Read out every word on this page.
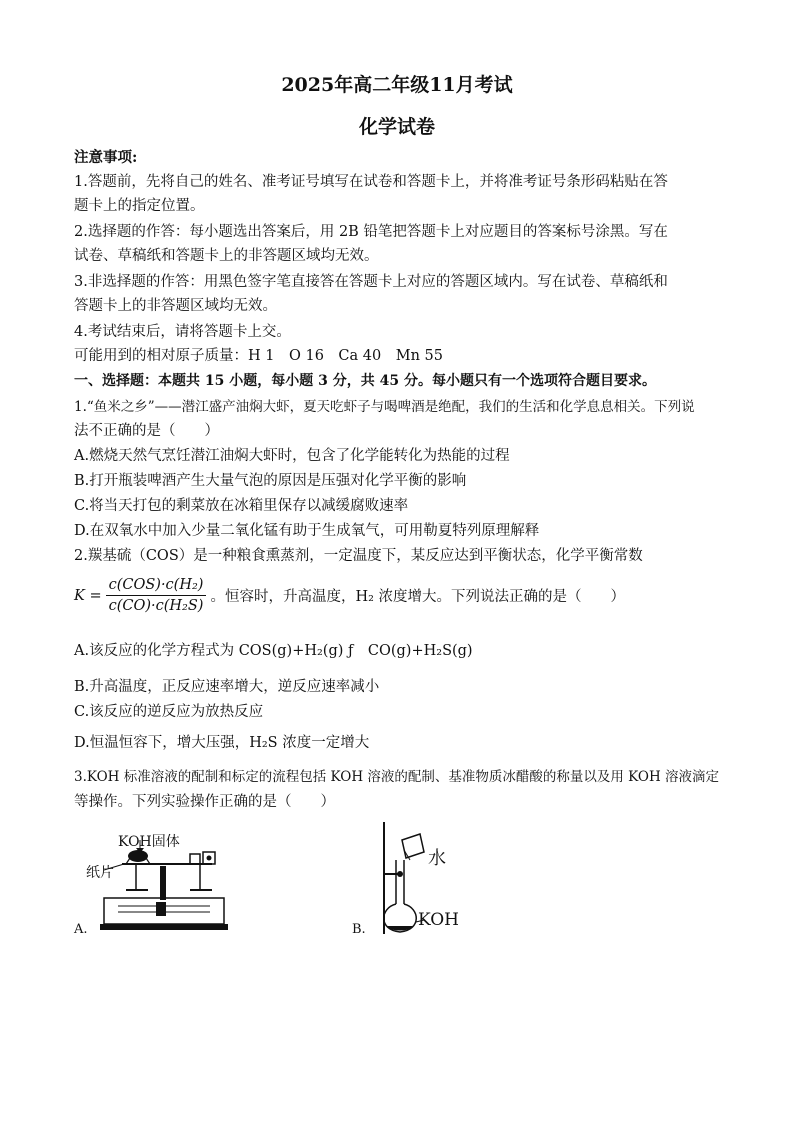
2025年高二年级11月考试
化学试卷
注意事项:
1.答题前，先将自己的姓名、准考证号填写在试卷和答题卡上，并将准考证号条形码粘贴在答
题卡上的指定位置。
2.选择题的作答：每小题选出答案后，用 2B 铅笔把答题卡上对应题目的答案标号涂黑。写在
试卷、草稿纸和答题卡上的非答题区域均无效。
3.非选择题的作答：用黑色签字笔直接答在答题卡上对应的答题区域内。写在试卷、草稿纸和
答题卡上的非答题区域均无效。
4.考试结束后，请将答题卡上交。
可能用到的相对原子质量：H 1　O 16　Ca 40　Mn 55
一、选择题：本题共 15 小题，每小题 3 分，共 45 分。每小题只有一个选项符合题目要求。
1.“鱼米之乡”——潜江盛产油焖大虾，夏天吃虾子与喝啤酒是绝配，我们的生活和化学息息相关。下列说
法不正确的是（　　）
A.燃烧天然气烹饪潜江油焖大虾时，包含了化学能转化为热能的过程
B.打开瓶装啤酒产生大量气泡的原因是压强对化学平衡的影响
C.将当天打包的剩菜放在冰箱里保存以减缓腐败速率
D.在双氧水中加入少量二氧化锰有助于生成氧气，可用勒夏特列原理解释
2.羰基硫（COS）是一种粮食熏蒸剂，一定温度下，某反应达到平衡状态，化学平衡常数
$K = \frac{\text{c(COS)·c(H₂)}}{\text{c(CO)·c(H₂S)}}$ 。恒容时，升高温度，H₂ 浓度增大。下列说法正确的是（　　）
A.该反应的化学方程式为 COS(g)+H₂(g) ƒ　CO(g)+H₂S(g)
B.升高温度，正反应速率增大，逆反应速率减小
C.该反应的逆反应为放热反应
D.恒温恒容下，增大压强，H₂S 浓度一定增大
3.KOH 标准溶液的配制和标定的流程包括 KOH 溶液的配制、基准物质冰醋酸的称量以及用 KOH 溶液滴定
等操作。下列实验操作正确的是（　　）
KOH固体
纸片
A.
水
KOH
B.
